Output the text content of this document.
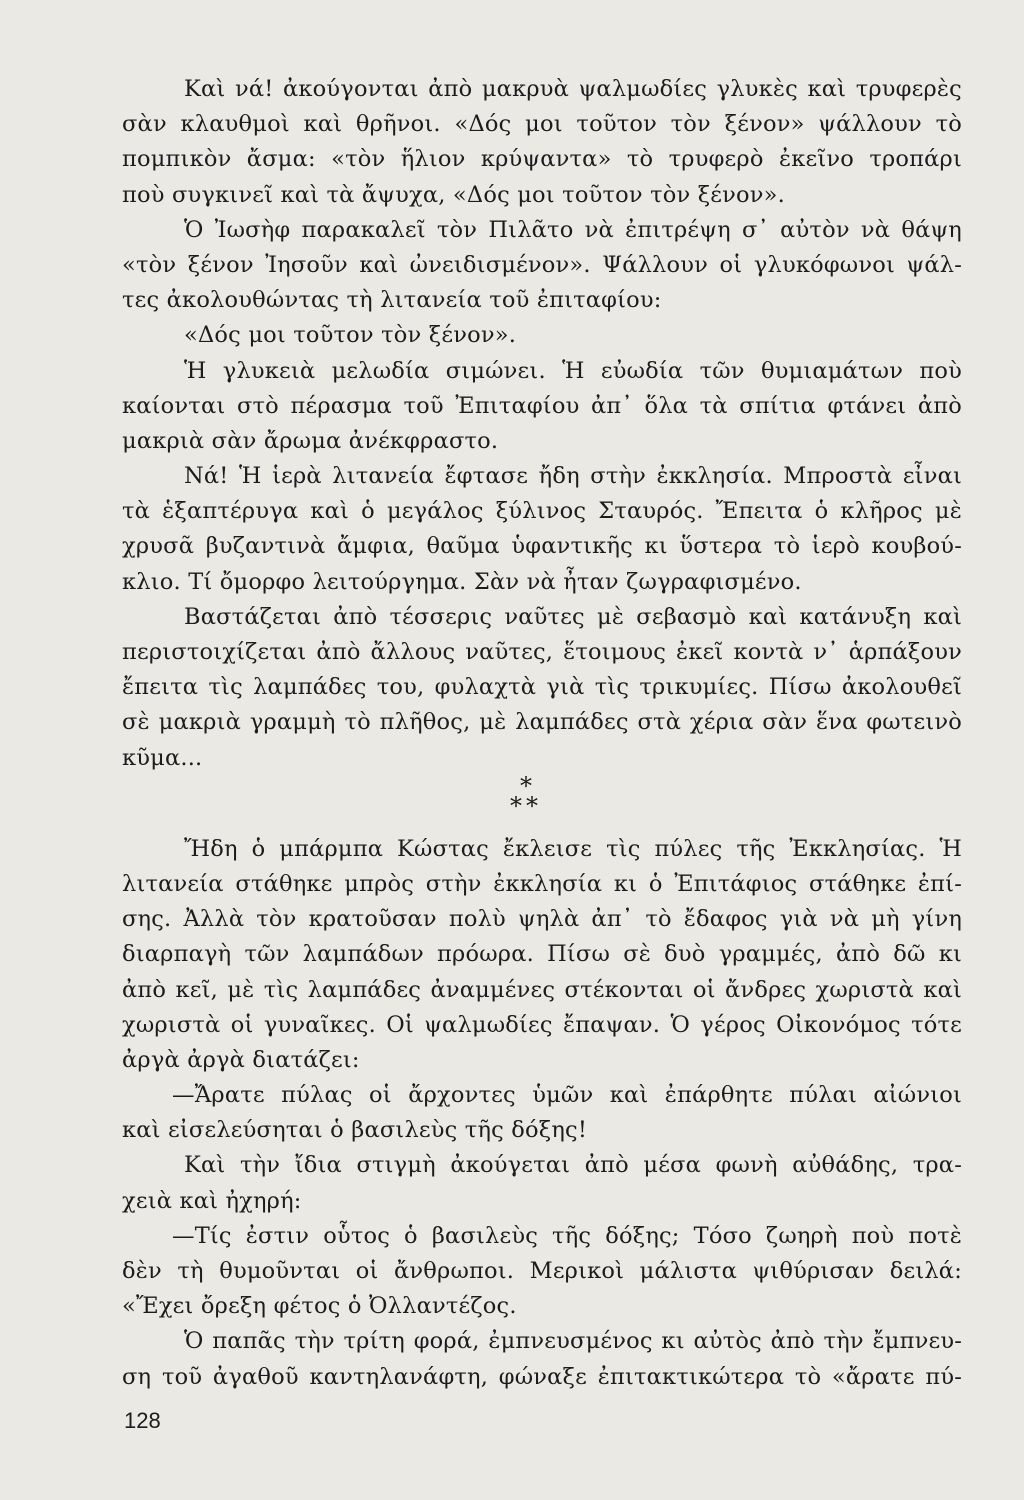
Καὶ νά! ἀκούγονται ἀπὸ μακρυὰ ψαλμωδίες γλυκὲς καὶ τρυφερὲς
σὰν κλαυθμοὶ καὶ θρῆνοι. «Δός μοι τοῦτον τὸν ξένον» ψάλλουν τὸ
πομπικὸν ἄσμα: «τὸν ἥλιον κρύψαντα» τὸ τρυφερὸ ἐκεῖνο τροπάρι
ποὺ συγκινεῖ καὶ τὰ ἄψυχα, «Δός μοι τοῦτον τὸν ξένον».
Ὁ Ἰωσὴφ παρακαλεῖ τὸν Πιλᾶτο νὰ ἐπιτρέψη σ᾿ αὐτὸν νὰ θάψη
«τὸν ξένον Ἰησοῦν καὶ ὠνειδισμένον». Ψάλλουν οἱ γλυκόφωνοι ψάλ-
τες ἀκολουθώντας τὴ λιτανεία τοῦ ἐπιταφίου:
«Δός μοι τοῦτον τὸν ξένον».
Ἡ γλυκειὰ μελωδία σιμώνει. Ἡ εὐωδία τῶν θυμιαμάτων ποὺ
καίονται στὸ πέρασμα τοῦ Ἐπιταφίου ἀπ᾿ ὅλα τὰ σπίτια φτάνει ἀπὸ
μακριὰ σὰν ἄρωμα ἀνέκφραστο.
Νά! Ἡ ἱερὰ λιτανεία ἔφτασε ἤδη στὴν ἐκκλησία. Μπροστὰ εἶναι
τὰ ἑξαπτέρυγα καὶ ὁ μεγάλος ξύλινος Σταυρός. Ἔπειτα ὁ κλῆρος μὲ
χρυσᾶ βυζαντινὰ ἄμφια, θαῦμα ὑφαντικῆς κι ὕστερα τὸ ἱερὸ κουβού-
κλιο. Τί ὄμορφο λειτούργημα. Σὰν νὰ ἦταν ζωγραφισμένο.
Βαστάζεται ἀπὸ τέσσερις ναῦτες μὲ σεβασμὸ καὶ κατάνυξη καὶ
περιστοιχίζεται ἀπὸ ἄλλους ναῦτες, ἕτοιμους ἐκεῖ κοντὰ ν᾿ ἁρπάξουν
ἔπειτα τὶς λαμπάδες του, φυλαχτὰ γιὰ τὶς τρικυμίες. Πίσω ἀκολουθεῖ
σὲ μακριὰ γραμμὴ τὸ πλῆθος, μὲ λαμπάδες στὰ χέρια σὰν ἕνα φωτεινὸ
κῦμα...
*
**
Ἤδη ὁ μπάρμπα Κώστας ἔκλεισε τὶς πύλες τῆς Ἐκκλησίας. Ἡ
λιτανεία στάθηκε μπρὸς στὴν ἐκκλησία κι ὁ Ἐπιτάφιος στάθηκε ἐπί-
σης. Ἀλλὰ τὸν κρατοῦσαν πολὺ ψηλὰ ἀπ᾿ τὸ ἔδαφος γιὰ νὰ μὴ γίνη
διαρπαγὴ τῶν λαμπάδων πρόωρα. Πίσω σὲ δυὸ γραμμές, ἀπὸ δῶ κι
ἀπὸ κεῖ, μὲ τὶς λαμπάδες ἀναμμένες στέκονται οἱ ἄνδρες χωριστὰ καὶ
χωριστὰ οἱ γυναῖκες. Οἱ ψαλμωδίες ἔπαψαν. Ὁ γέρος Οἰκονόμος τότε
ἀργὰ ἀργὰ διατάζει:
—Ἄρατε πύλας οἱ ἄρχοντες ὑμῶν καὶ ἐπάρθητε πύλαι αἰώνιοι
καὶ εἰσελεύσηται ὁ βασιλεὺς τῆς δόξης!
Καὶ τὴν ἴδια στιγμὴ ἀκούγεται ἀπὸ μέσα φωνὴ αὐθάδης, τρα-
χειὰ καὶ ἠχηρή:
—Τίς ἐστιν οὗτος ὁ βασιλεὺς τῆς δόξης; Τόσο ζωηρὴ ποὺ ποτὲ
δὲν τὴ θυμοῦνται οἱ ἄνθρωποι. Μερικοὶ μάλιστα ψιθύρισαν δειλά:
«Ἔχει ὄρεξη φέτος ὁ Ὀλλαντέζος.
Ὁ παπᾶς τὴν τρίτη φορά, ἐμπνευσμένος κι αὐτὸς ἀπὸ τὴν ἔμπνευ-
ση τοῦ ἀγαθοῦ καντηλανάφτη, φώναξε ἐπιτακτικώτερα τὸ «ἄρατε πύ-
128
